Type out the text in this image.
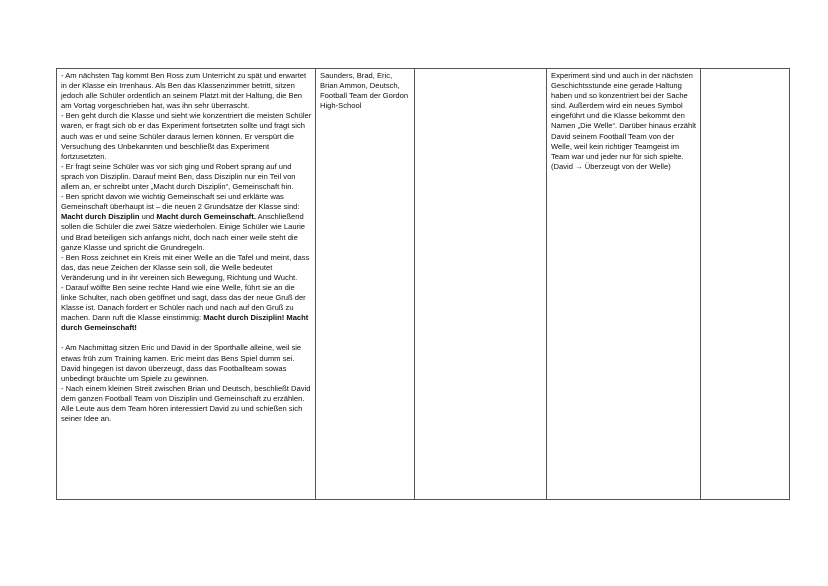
- Am nächsten Tag kommt Ben Ross zum Unterricht zu spät und erwartet in der Klasse ein Irrenhaus. Als Ben das Klassenzimmer betritt, sitzen jedoch alle Schüler ordentlich an seinem Platzt mit der Haltung, die Ben am Vortag vorgeschrieben hat, was ihn sehr überrascht.

- Ben geht durch die Klasse und sieht wie konzentriert die meisten Schüler waren, er fragt sich ob er das Experiment fortsetzten sollte und fragt sich auch was er und seine Schüler daraus lernen können. Er verspürt die Versuchung des Unbekannten und beschließt das Experiment fortzusetzten.

- Er fragt seine Schüler was vor sich ging und Robert sprang auf und sprach von Disziplin. Darauf meint Ben, dass Disziplin nur ein Teil von allem an, er schreibt unter „Macht durch Disziplin“, Gemeinschaft hin.

- Ben spricht davon wie wichtig Gemeinschaft sei und erklärte was Gemeinschaft überhaupt ist – die neuen 2 Grundsätze der Klasse sind: Macht durch Disziplin und Macht durch Gemeinschaft. Anschließend sollen die Schüler die zwei Sätze wiederholen. Einige Schüler wie Laurie und Brad beteiligen sich anfangs nicht, doch nach einer weile steht die ganze Klasse und spricht die Grundregeln.

- Ben Ross zeichnet ein Kreis mit einer Welle an die Tafel und meint, dass das, das neue Zeichen der Klasse sein soll, die Welle bedeutet Veränderung und in ihr vereinen sich Bewegung, Richtung und Wucht.

- Darauf wölfte Ben seine rechte Hand wie eine Welle, führt sie an die linke Schulter, nach oben geöffnet und sagt, dass das der neue Gruß der Klasse ist. Danach fordert er Schüler nach und nach auf den Gruß zu machen. Dann ruft die Klasse einstimmig: Macht durch Disziplin! Macht durch Gemeinschaft!

- Am Nachmittag sitzen Eric und David in der Sporthalle alleine, weil sie etwas früh zum Training kamen. Eric meint das Bens Spiel dumm sei. David hingegen ist davon überzeugt, dass das Footballteam sowas unbedingt bräuchte um Spiele zu gewinnen.

- Nach einem kleinen Streit zwischen Brian und Deutsch, beschließt David dem ganzen Football Team von Disziplin und Gemeinschaft zu erzählen. Alle Leute aus dem Team hören interessiert David zu und schießen sich seiner Idee an.

	Saunders, Brad, Eric, Brian Ammon, Deutsch, Football Team der Gordon High-School		Experiment sind und auch in der nächsten Geschichtsstunde eine gerade Haltung haben und so konzentriert bei der Sache sind. Außerdem wird ein neues Symbol eingeführt und die Klasse bekommt den Namen „Die Welle“. Darüber hinaus erzählt David seinem Football Team von der Welle, weil kein richtiger Teamgeist im Team war und jeder nur für sich spielte. (David → Überzeugt von der Welle)	
